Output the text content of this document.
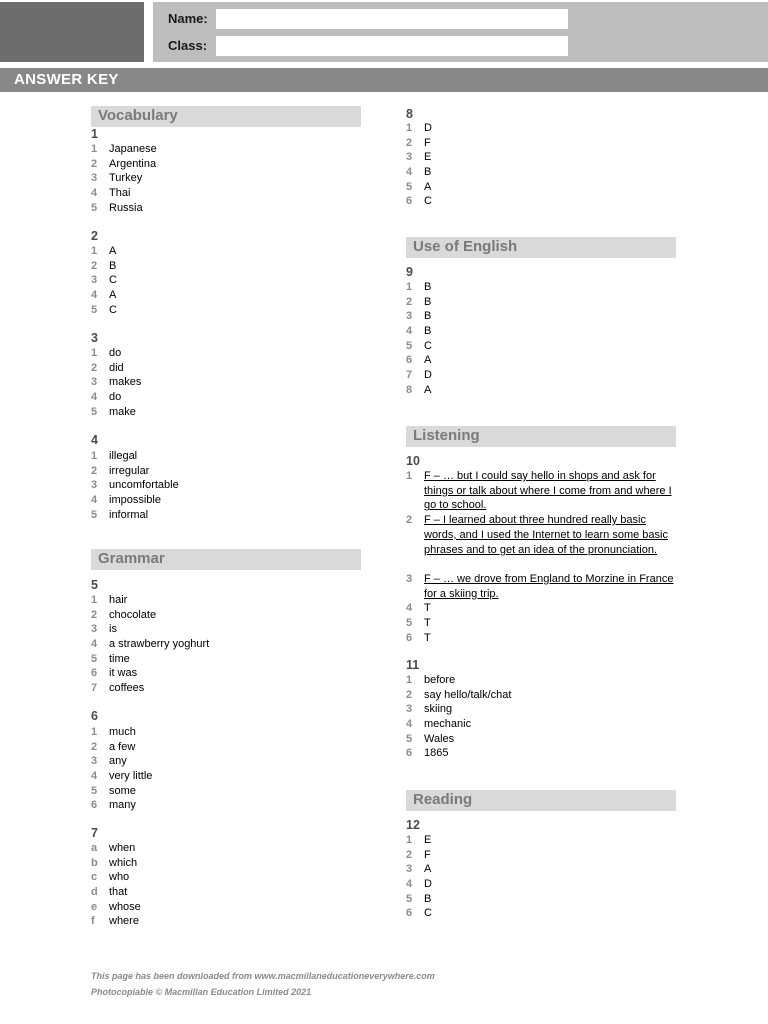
Name:
Class:
ANSWER KEY
Vocabulary
1
1 Japanese
2 Argentina
3 Turkey
4 Thai
5 Russia
2
1 A
2 B
3 C
4 A
5 C
3
1 do
2 did
3 makes
4 do
5 make
4
1 illegal
2 irregular
3 uncomfortable
4 impossible
5 informal
Grammar
5
1 hair
2 chocolate
3 is
4 a strawberry yoghurt
5 time
6 it was
7 coffees
6
1 much
2 a few
3 any
4 very little
5 some
6 many
7
a when
b which
c who
d that
e whose
f where
8
1 D
2 F
3 E
4 B
5 A
6 C
Use of English
9
1 B
2 B
3 B
4 B
5 C
6 A
7 D
8 A
Listening
10
1 F – … but I could say hello in shops and ask for things or talk about where I come from and where I go to school.
2 F – I learned about three hundred really basic words, and I used the Internet to learn some basic phrases and to get an idea of the pronunciation.
3 F – … we drove from England to Morzine in France for a skiing trip.
4 T
5 T
6 T
11
1 before
2 say hello/talk/chat
3 skiing
4 mechanic
5 Wales
6 1865
Reading
12
1 E
2 F
3 A
4 D
5 B
6 C
This page has been downloaded from www.macmillaneducationeverywhere.com
Photocopiable © Macmillan Education Limited 2021
